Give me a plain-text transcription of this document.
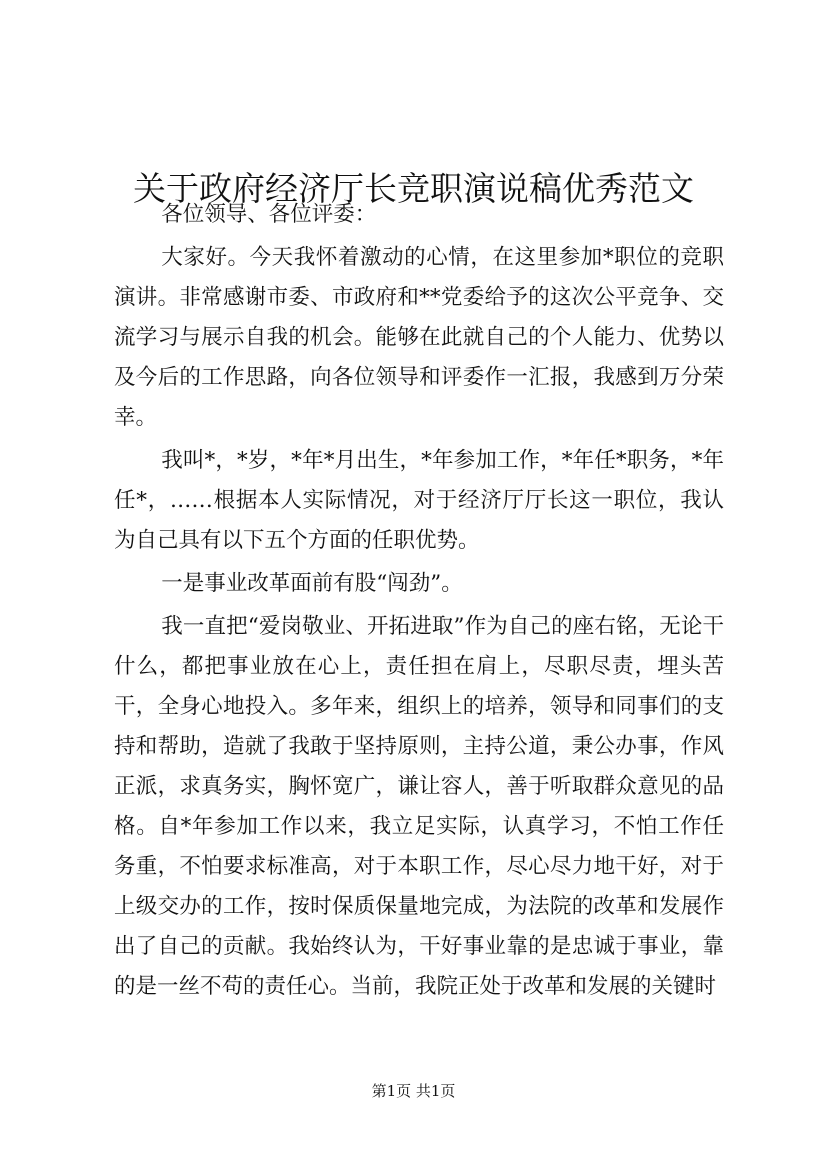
关于政府经济厅长竞职演说稿优秀范文

各位领导、各位评委：

大家好。今天我怀着激动的心情，在这里参加*职位的竞职演讲。非常感谢市委、市政府和**党委给予的这次公平竞争、交流学习与展示自我的机会。能够在此就自己的个人能力、优势以及今后的工作思路，向各位领导和评委作一汇报，我感到万分荣幸。

我叫*，*岁，*年*月出生，*年参加工作，*年任*职务，*年任*，……根据本人实际情况，对于经济厅厅长这一职位，我认为自己具有以下五个方面的任职优势。

一是事业改革面前有股“闯劲”。

我一直把“爱岗敬业、开拓进取”作为自己的座右铭，无论干什么，都把事业放在心上，责任担在肩上，尽职尽责，埋头苦干，全身心地投入。多年来，组织上的培养，领导和同事们的支持和帮助，造就了我敢于坚持原则，主持公道，秉公办事，作风正派，求真务实，胸怀宽广，谦让容人，善于听取群众意见的品格。自*年参加工作以来，我立足实际，认真学习，不怕工作任务重，不怕要求标准高，对于本职工作，尽心尽力地干好，对于上级交办的工作，按时保质保量地完成，为法院的改革和发展作出了自己的贡献。我始终认为，干好事业靠的是忠诚于事业，靠的是一丝不苟的责任心。当前，我院正处于改革和发展的关键时

第1页 共1页
